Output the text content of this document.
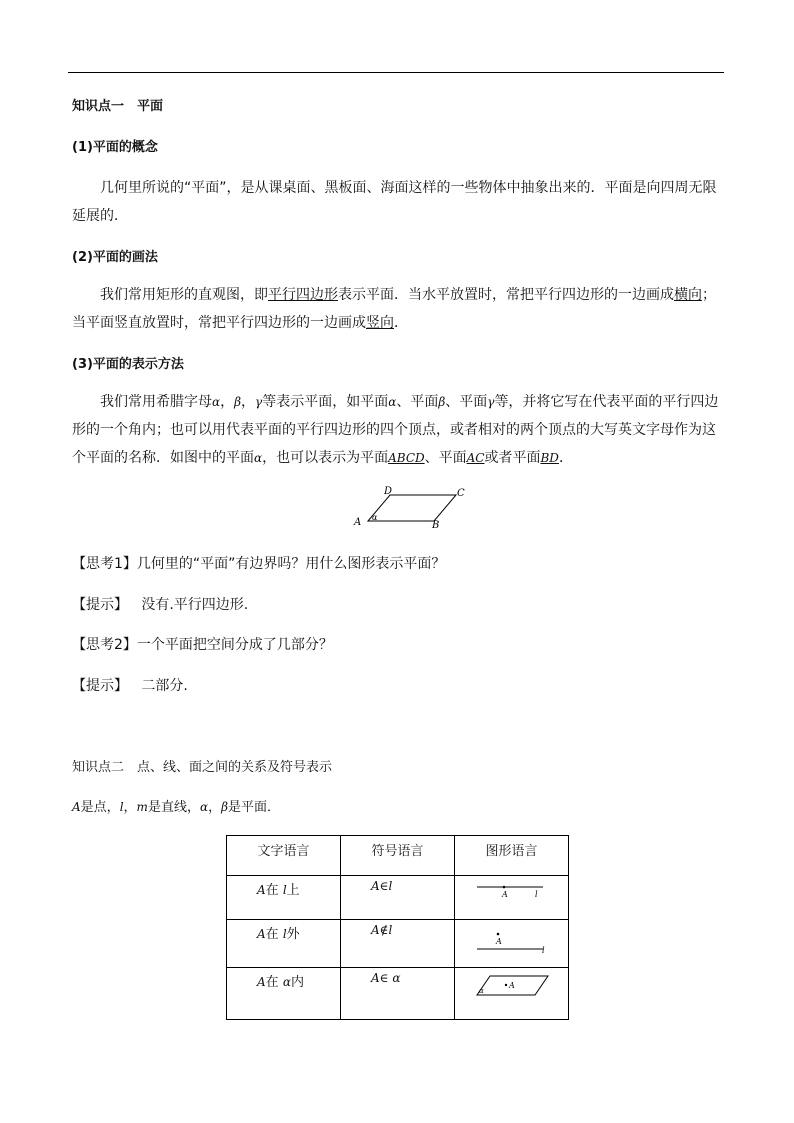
知识点一　平面
(1)平面的概念
几何里所说的“平面”，是从课桌面、黑板面、海面这样的一些物体中抽象出来的．平面是向四周无限延展的．
(2)平面的画法
我们常用矩形的直观图，即平行四边形表示平面．当水平放置时，常把平行四边形的一边画成横向；当平面竖直放置时，常把平行四边形的一边画成竖向．
(3)平面的表示方法
我们常用希腊字母α，β，γ等表示平面，如平面α、平面β、平面γ等，并将它写在代表平面的平行四边形的一个角内；也可以用代表平面的平行四边形的四个顶点，或者相对的两个顶点的大写英文字母作为这个平面的名称．如图中的平面α，也可以表示为平面ABCD、平面AC或者平面BD．
A	B
C
D
α
【思考1】几何里的“平面”有边界吗？用什么图形表示平面？
【提示】 没有.平行四边形.
【思考2】一个平面把空间分成了几部分？
【提示】 二部分.
知识点二　点、线、面之间的关系及符号表示
A是点，l，m是直线，α，β是平面．
文字语言	符号语言	图形语言
A在 l上	A∈l	A l

A在 l外	A∉l	A
l

A在 α内	A∈ α	A
α
